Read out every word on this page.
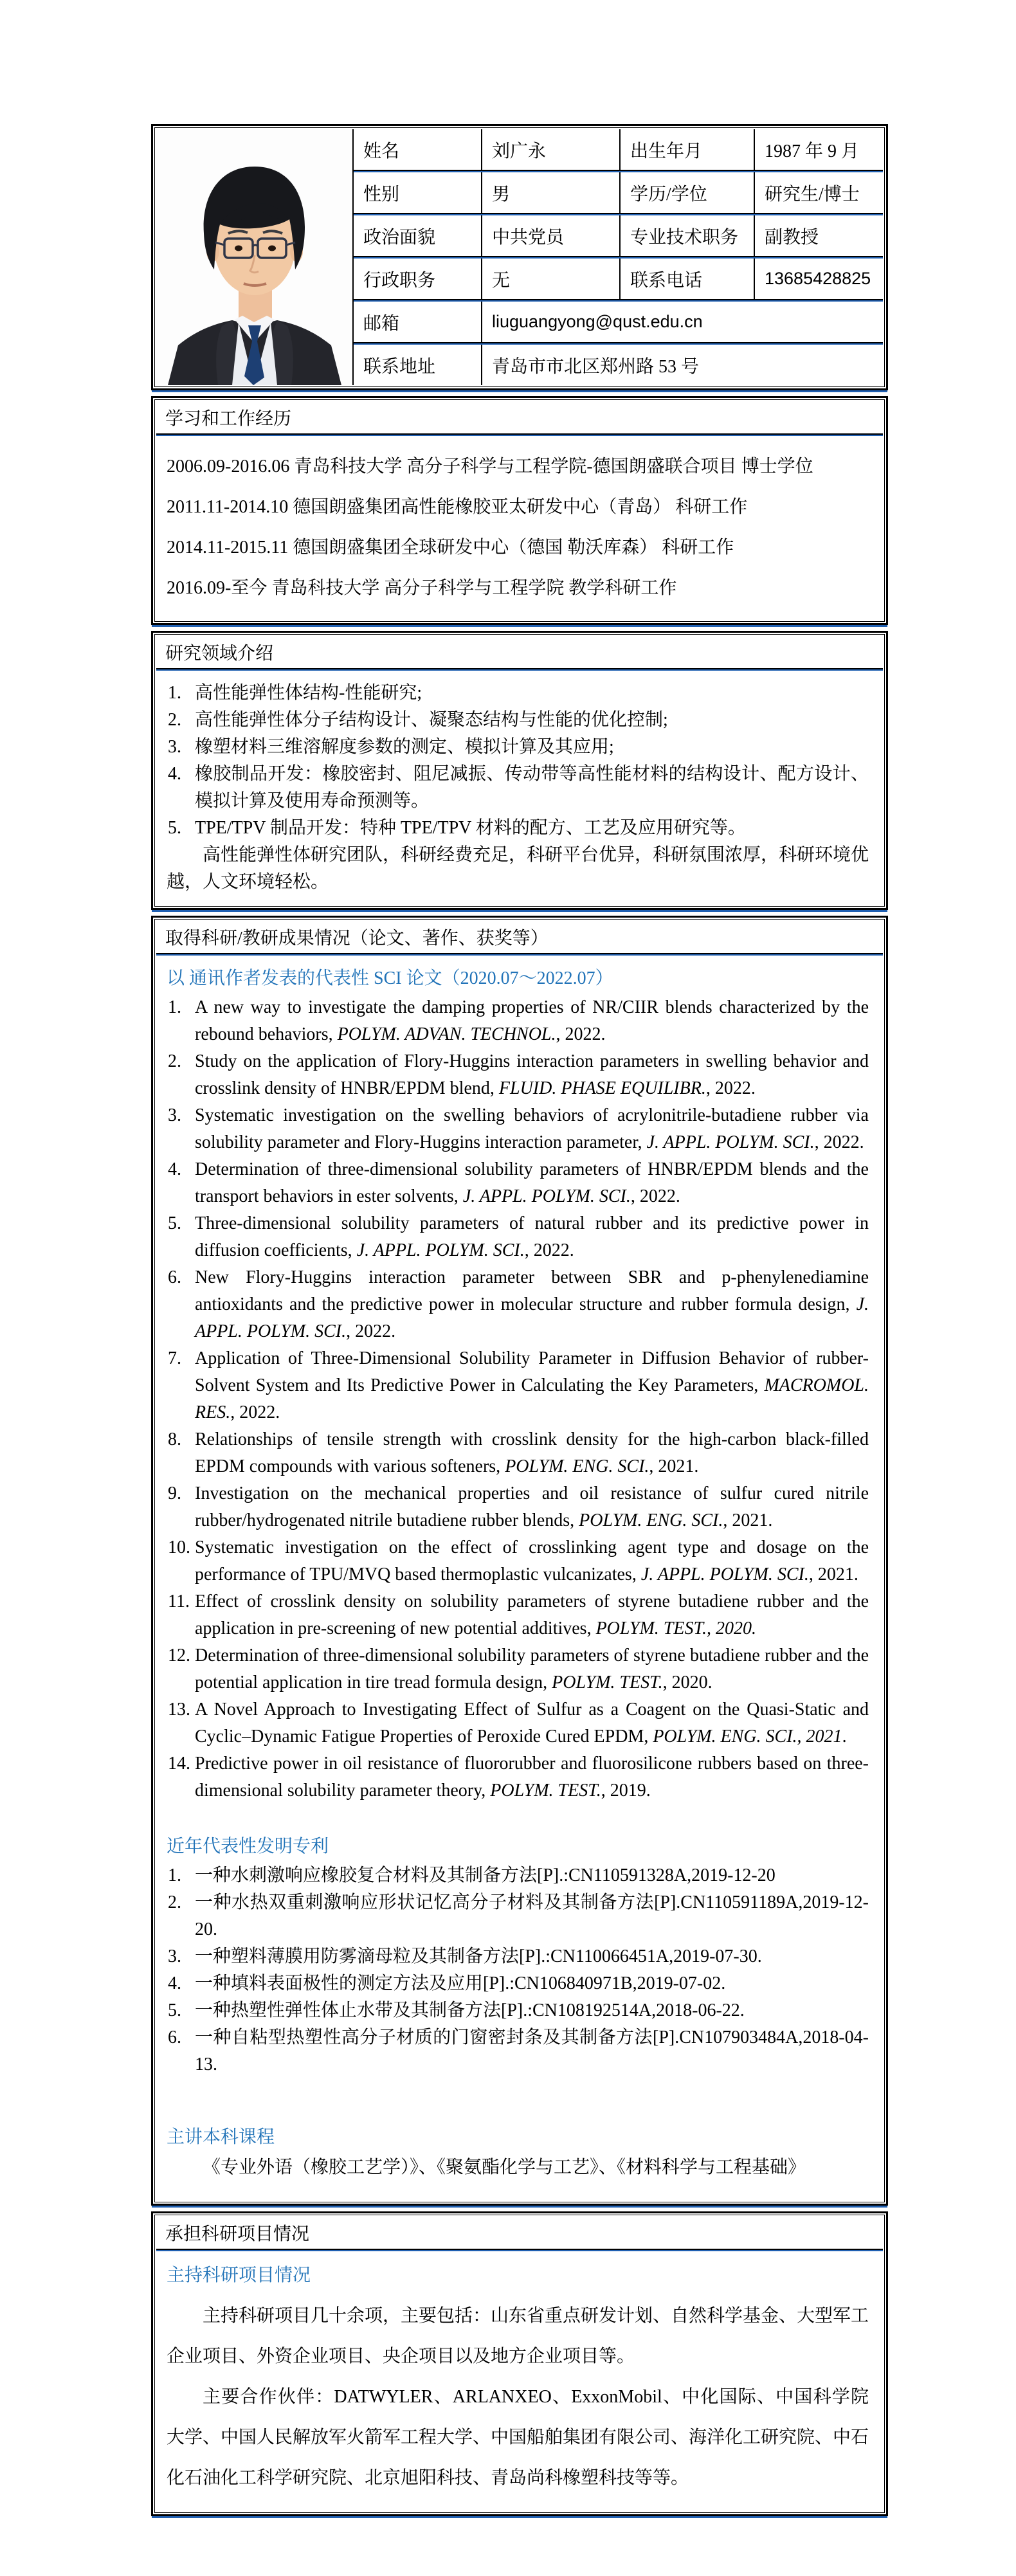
姓名	刘广永	出生年月	1987 年 9 月
性别	男	学历/学位	研究生/博士
政治面貌	中共党员	专业技术职务	副教授
行政职务	无	联系电话	13685428825
邮箱	liuguangyong@qust.edu.cn
联系地址	青岛市市北区郑州路 53 号
学习和工作经历
2006.09-2016.06 青岛科技大学 高分子科学与工程学院-德国朗盛联合项目 博士学位
2011.11-2014.10 德国朗盛集团高性能橡胶亚太研发中心（青岛） 科研工作
2014.11-2015.11 德国朗盛集团全球研发中心（德国 勒沃库森） 科研工作
2016.09-至今 青岛科技大学 高分子科学与工程学院 教学科研工作
研究领域介绍
高性能弹性体结构-性能研究;
高性能弹性体分子结构设计、凝聚态结构与性能的优化控制;
橡塑材料三维溶解度参数的测定、模拟计算及其应用;
橡胶制品开发：橡胶密封、阻尼减振、传动带等高性能材料的结构设计、配方设计、模拟计算及使用寿命预测等。
TPE/TPV 制品开发：特种 TPE/TPV 材料的配方、工艺及应用研究等。

高性能弹性体研究团队，科研经费充足，科研平台优异，科研氛围浓厚，科研环境优越，人文环境轻松。

取得科研/教研成果情况（论文、著作、获奖等）
以 通讯作者发表的代表性 SCI 论文（2020.07～2022.07）
A new way to investigate the damping properties of NR/CIIR blends characterized by the rebound behaviors, POLYM. ADVAN. TECHNOL., 2022.
Study on the application of Flory-Huggins interaction parameters in swelling behavior and crosslink density of HNBR/EPDM blend, FLUID. PHASE EQUILIBR., 2022.
Systematic investigation on the swelling behaviors of acrylonitrile-butadiene rubber via solubility parameter and Flory-Huggins interaction parameter, J. APPL. POLYM. SCI., 2022.
Determination of three-dimensional solubility parameters of HNBR/EPDM blends and the transport behaviors in ester solvents, J. APPL. POLYM. SCI., 2022.
Three-dimensional solubility parameters of natural rubber and its predictive power in diffusion coefficients, J. APPL. POLYM. SCI., 2022.
New Flory-Huggins interaction parameter between SBR and p-phenylenediamine antioxidants and the predictive power in molecular structure and rubber formula design, J. APPL. POLYM. SCI., 2022.
Application of Three-Dimensional Solubility Parameter in Diffusion Behavior of rubber-Solvent System and Its Predictive Power in Calculating the Key Parameters, MACROMOL. RES., 2022.
Relationships of tensile strength with crosslink density for the high-carbon black-filled EPDM compounds with various softeners, POLYM. ENG. SCI., 2021.
Investigation on the mechanical properties and oil resistance of sulfur cured nitrile rubber/hydrogenated nitrile butadiene rubber blends, POLYM. ENG. SCI., 2021.
Systematic investigation on the effect of crosslinking agent type and dosage on the performance of TPU/MVQ based thermoplastic vulcanizates, J. APPL. POLYM. SCI., 2021.
Effect of crosslink density on solubility parameters of styrene butadiene rubber and the application in pre-screening of new potential additives, POLYM. TEST., 2020.
Determination of three-dimensional solubility parameters of styrene butadiene rubber and the potential application in tire tread formula design, POLYM. TEST., 2020.
A Novel Approach to Investigating Effect of Sulfur as a Coagent on the Quasi-Static and Cyclic–Dynamic Fatigue Properties of Peroxide Cured EPDM, POLYM. ENG. SCI., 2021.
Predictive power in oil resistance of fluororubber and fluorosilicone rubbers based on three-dimensional solubility parameter theory, POLYM. TEST., 2019.
近年代表性发明专利
一种水刺激响应橡胶复合材料及其制备方法[P].:CN110591328A,2019-12-20
一种水热双重刺激响应形状记忆高分子材料及其制备方法[P].CN110591189A,2019-12-20.
一种塑料薄膜用防雾滴母粒及其制备方法[P].:CN110066451A,2019-07-30.
一种填料表面极性的测定方法及应用[P].:CN106840971B,2019-07-02.
一种热塑性弹性体止水带及其制备方法[P].:CN108192514A,2018-06-22.
一种自粘型热塑性高分子材质的门窗密封条及其制备方法[P].CN107903484A,2018-04-13.
主讲本科课程
《专业外语（橡胶工艺学）》、《聚氨酯化学与工艺》、《材料科学与工程基础》
承担科研项目情况
主持科研项目情况

主持科研项目几十余项，主要包括：山东省重点研发计划、自然科学基金、大型军工企业项目、外资企业项目、央企项目以及地方企业项目等。

主要合作伙伴：DATWYLER、ARLANXEO、ExxonMobil、中化国际、中国科学院大学、中国人民解放军火箭军工程大学、中国船舶集团有限公司、海洋化工研究院、中石化石油化工科学研究院、北京旭阳科技、青岛尚科橡塑科技等等。
